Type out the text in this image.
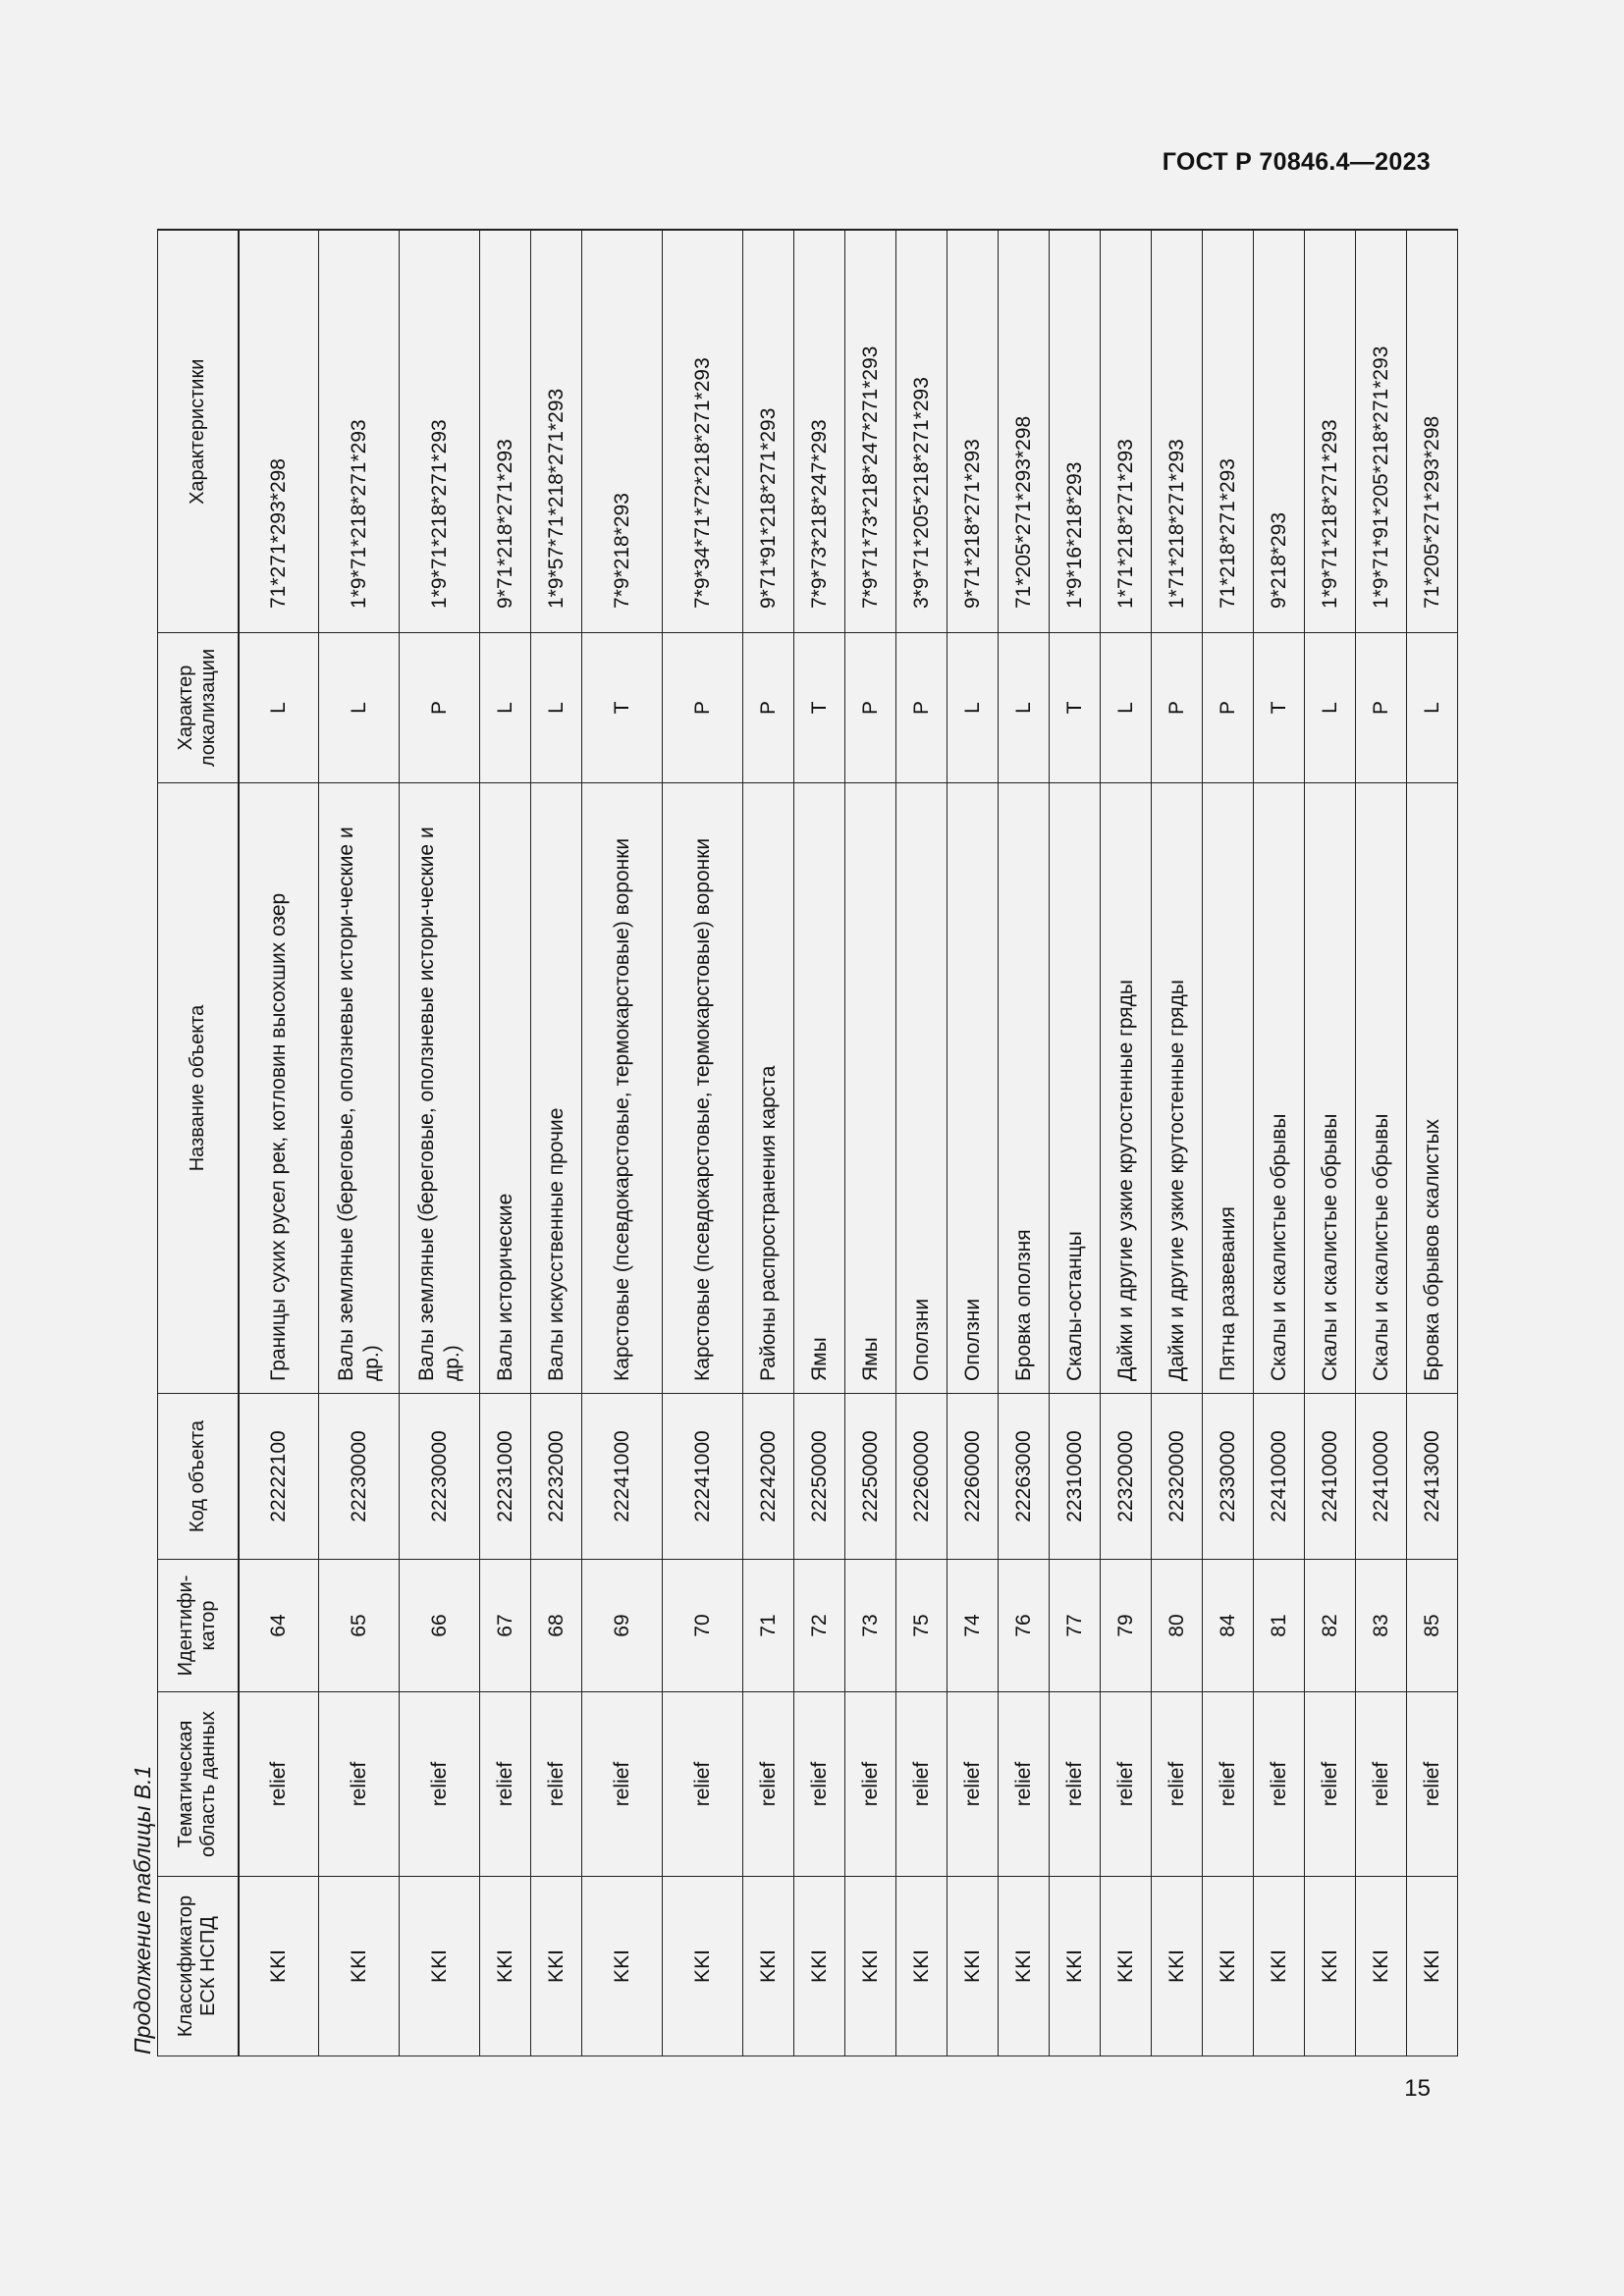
ГОСТ Р 70846.4—2023
Продолжение таблицы В.1 Классификатор ЕСК НСПД	Тематическая область данных	Идентифи-катор	Код объекта	Название объекта	Характер локализации	Характеристики
KKI	relief	64	22222100	Границы сухих русел рек, котловин высохших озер	L	71*271*293*298
KKI	relief	65	22230000	Валы земляные (береговые, оползневые истори-ческие и др.)	L	1*9*71*218*271*293
KKI	relief	66	22230000	Валы земляные (береговые, оползневые истори-ческие и др.)	P	1*9*71*218*271*293
KKI	relief	67	22231000	Валы исторические	L	9*71*218*271*293
KKI	relief	68	22232000	Валы искусственные прочие	L	1*9*57*71*218*271*293
KKI	relief	69	22241000	Карстовые (псевдокарстовые, термокарстовые) воронки	T	7*9*218*293
KKI	relief	70	22241000	Карстовые (псевдокарстовые, термокарстовые) воронки	P	7*9*34*71*72*218*271*293
KKI	relief	71	22242000	Районы распространения карста	P	9*71*91*218*271*293
KKI	relief	72	22250000	Ямы	T	7*9*73*218*247*293
KKI	relief	73	22250000	Ямы	P	7*9*71*73*218*247*271*293
KKI	relief	75	22260000	Оползни	P	3*9*71*205*218*271*293
KKI	relief	74	22260000	Оползни	L	9*71*218*271*293
KKI	relief	76	22263000	Бровка оползня	L	71*205*271*293*298
KKI	relief	77	22310000	Скалы-останцы	T	1*9*16*218*293
KKI	relief	79	22320000	Дайки и другие узкие крутостенные гряды	L	1*71*218*271*293
KKI	relief	80	22320000	Дайки и другие узкие крутостенные гряды	P	1*71*218*271*293
KKI	relief	84	22330000	Пятна развевания	P	71*218*271*293
KKI	relief	81	22410000	Скалы и скалистые обрывы	T	9*218*293
KKI	relief	82	22410000	Скалы и скалистые обрывы	L	1*9*71*218*271*293
KKI	relief	83	22410000	Скалы и скалистые обрывы	P	1*9*71*91*205*218*271*293
KKI	relief	85	22413000	Бровка обрывов скалистых	L	71*205*271*293*298
15
